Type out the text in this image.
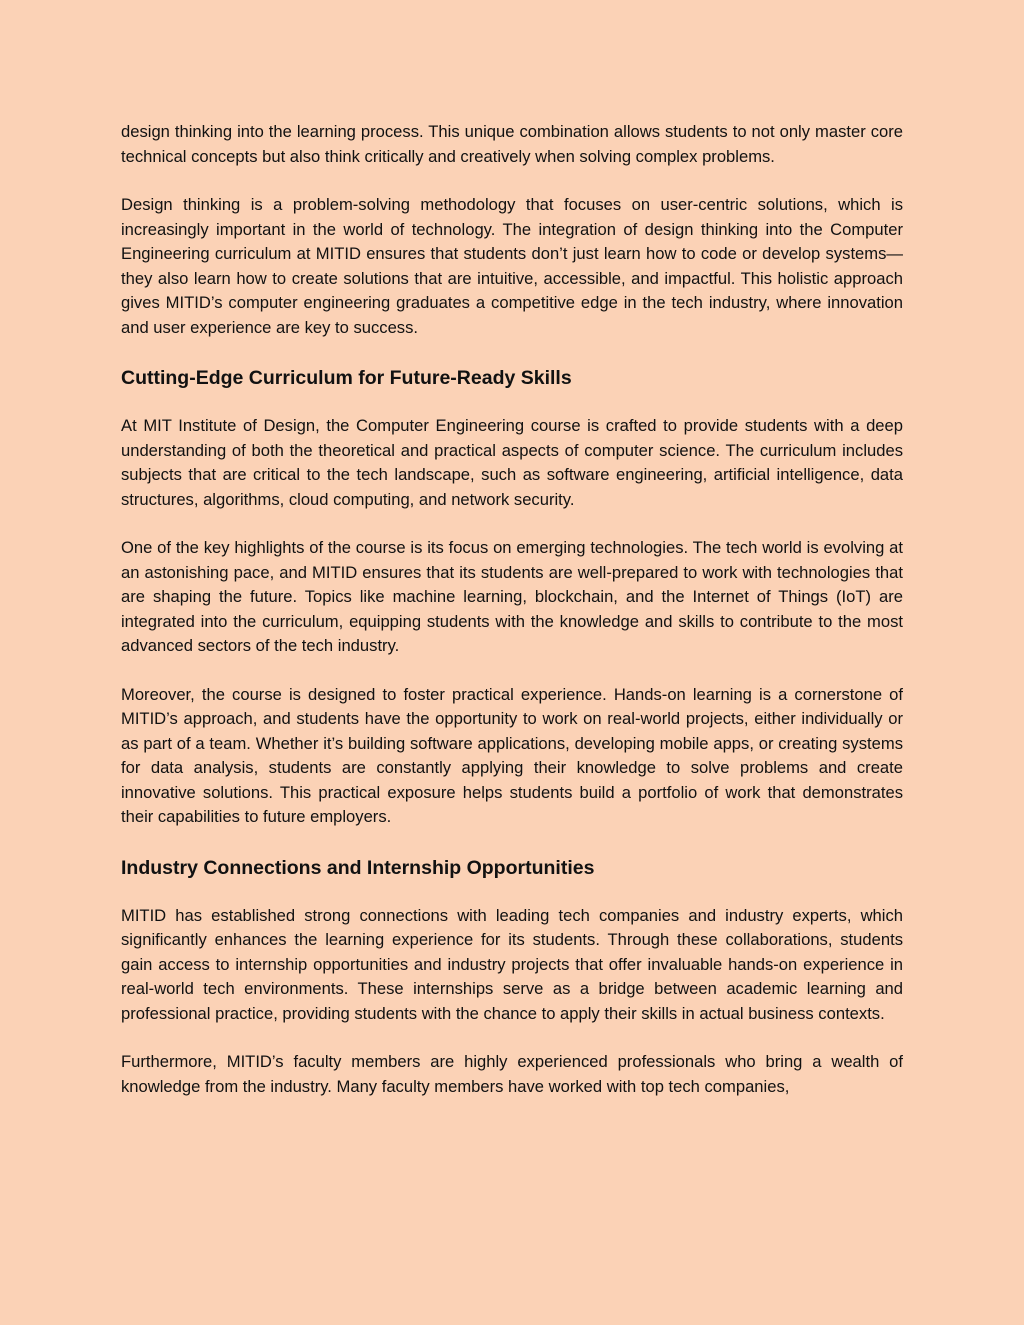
design thinking into the learning process. This unique combination allows students to not only master core technical concepts but also think critically and creatively when solving complex problems.

Design thinking is a problem-solving methodology that focuses on user-centric solutions, which is increasingly important in the world of technology. The integration of design thinking into the Computer Engineering curriculum at MITID ensures that students don’t just learn how to code or develop systems—they also learn how to create solutions that are intuitive, accessible, and impactful. This holistic approach gives MITID’s computer engineering graduates a competitive edge in the tech industry, where innovation and user experience are key to success.

Cutting-Edge Curriculum for Future-Ready Skills

At MIT Institute of Design, the Computer Engineering course is crafted to provide students with a deep understanding of both the theoretical and practical aspects of computer science. The curriculum includes subjects that are critical to the tech landscape, such as software engineering, artificial intelligence, data structures, algorithms, cloud computing, and network security.

One of the key highlights of the course is its focus on emerging technologies. The tech world is evolving at an astonishing pace, and MITID ensures that its students are well-prepared to work with technologies that are shaping the future. Topics like machine learning, blockchain, and the Internet of Things (IoT) are integrated into the curriculum, equipping students with the knowledge and skills to contribute to the most advanced sectors of the tech industry.

Moreover, the course is designed to foster practical experience. Hands-on learning is a cornerstone of MITID’s approach, and students have the opportunity to work on real-world projects, either individually or as part of a team. Whether it’s building software applications, developing mobile apps, or creating systems for data analysis, students are constantly applying their knowledge to solve problems and create innovative solutions. This practical exposure helps students build a portfolio of work that demonstrates their capabilities to future employers.

Industry Connections and Internship Opportunities

MITID has established strong connections with leading tech companies and industry experts, which significantly enhances the learning experience for its students. Through these collaborations, students gain access to internship opportunities and industry projects that offer invaluable hands-on experience in real-world tech environments. These internships serve as a bridge between academic learning and professional practice, providing students with the chance to apply their skills in actual business contexts.

Furthermore, MITID’s faculty members are highly experienced professionals who bring a wealth of knowledge from the industry. Many faculty members have worked with top tech companies,
